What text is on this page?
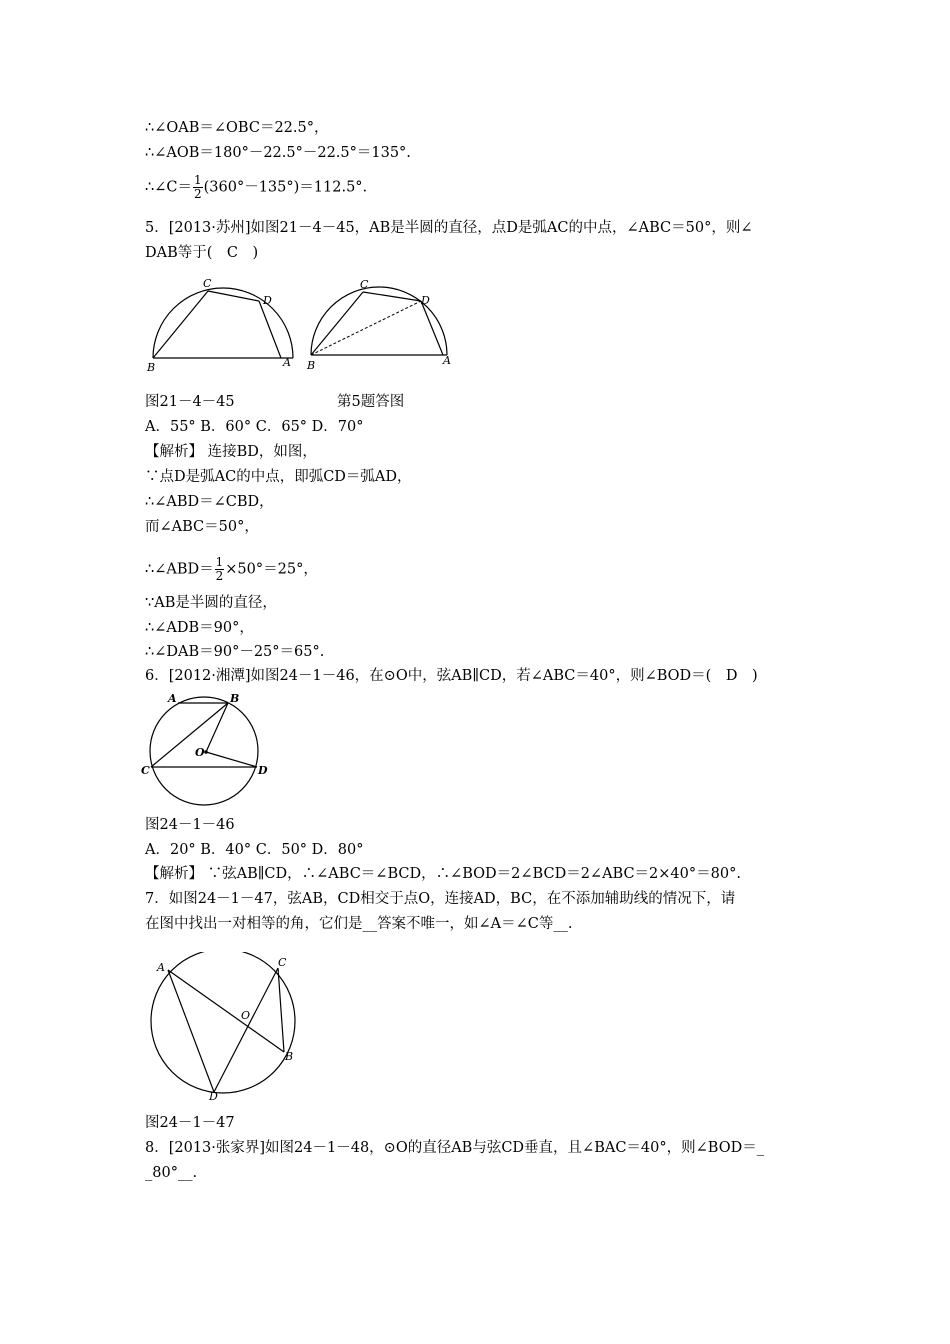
∴∠OAB＝∠OBC＝22.5°，
∴∠AOB＝180°－22.5°－22.5°＝135°.
∴∠C＝ $\frac{1}{2} (360^\circ-135^\circ)=112.5^\circ$.
5．[2013·苏州]如图21－4－45，AB是半圆的直径，点D是弧AC的中点，∠ABC＝50°，则∠
DAB等于(　C　)
B
C
D
A B
C
D
A
图21－4－45	第5题答图
A．55° B．60° C．65° D．70°
【解析】 连接BD，如图，
∵点D是弧AC的中点，即弧CD＝弧AD，
∴∠ABD＝∠CBD，
而∠ABC＝50°，
∴∠ABD＝ $\frac{1}{2} \times 50^\circ=25^\circ$，
∵AB是半圆的直径，
∴∠ADB＝90°，
∴∠DAB＝90°－25°＝65°.
6．[2012·湘潭]如图24－1－46，在⊙O中，弦AB∥CD，若∠ABC＝40°，则∠BOD＝(　D　)
A	B
O
C	D
图24－1－46
A．20° B．40° C．50° D．80°
【解析】 ∵弦AB∥CD，∴∠ABC＝∠BCD，∴∠BOD＝2∠BCD＝2∠ABC＝2×40°＝80°.
7．如图24－1－47，弦AB，CD相交于点O，连接AD，BC，在不添加辅助线的情况下，请
在图中找出一对相等的角，它们是__答案不唯一，如∠A＝∠C等__.
A	C
O
B
D
图24－1－47
8．[2013·张家界]如图24－1－48，⊙O的直径AB与弦CD垂直，且∠BAC＝40°，则∠BOD＝_
_80°__.
